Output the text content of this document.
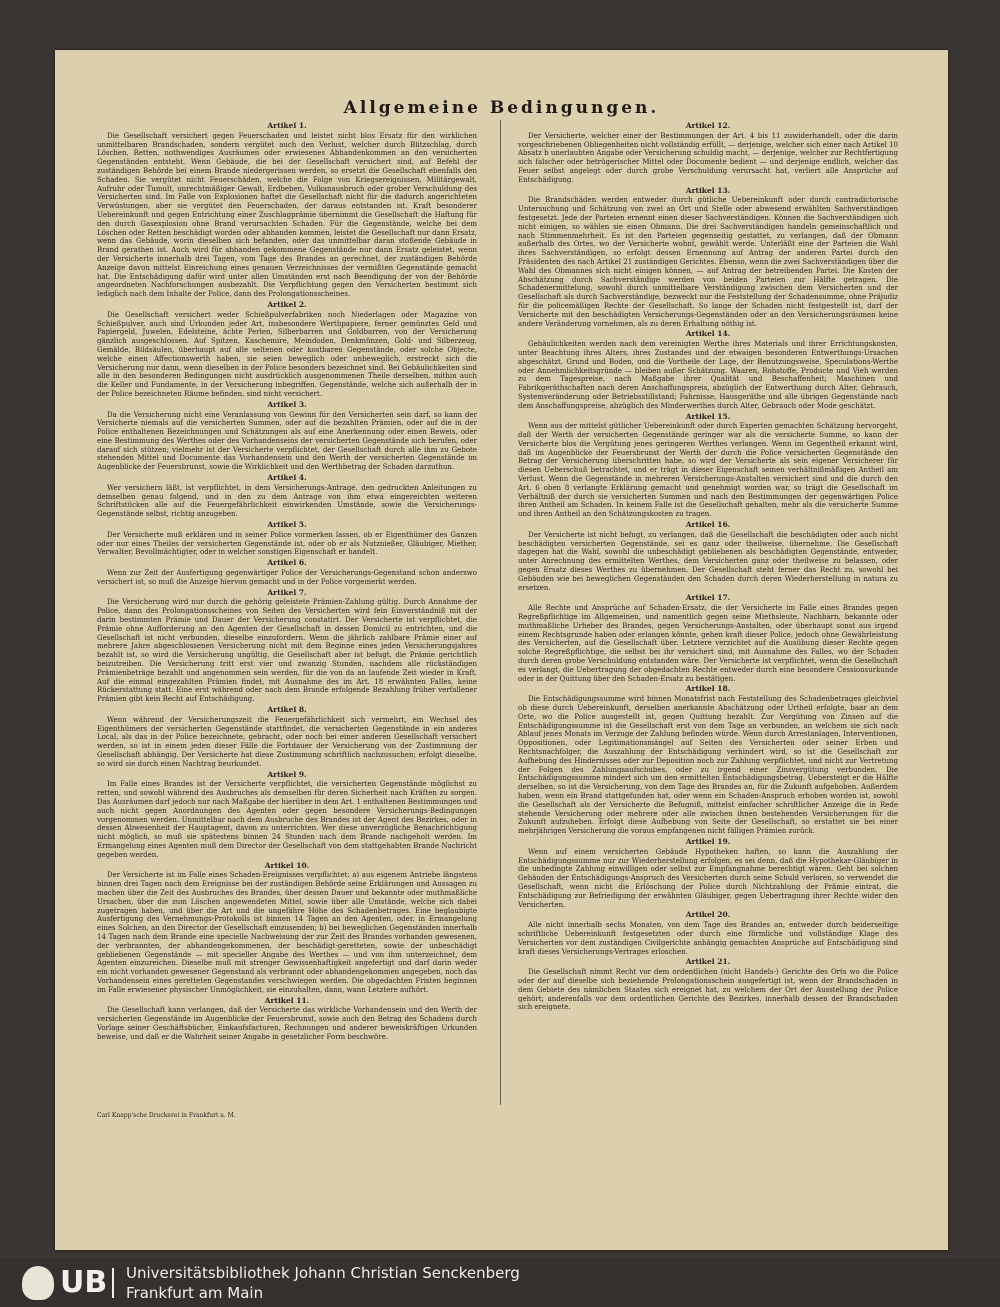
Allgemeine Bedingungen.
Artikel 1.
Die Gesellschaft versichert gegen Feuerschaden und leistet nicht blos Ersatz für den wirklichen unmittelbaren Brandschaden, sondern vergütet auch den Verlust, welcher durch Blitzschlag, durch Löschen, Retten, nothwendiges Ausräumen oder erwiesenes Abhandenkommen an den versicherten Gegenständen entsteht. Wenn Gebäude, die bei der Gesellschaft versichert sind, auf Befehl der zuständigen Behörde bei einem Brande niedergerissen werden, so ersetzt die Gesellschaft ebenfalls den Schaden. Sie vergütet nicht Feuerschäden, welche die Folge von Kriegsereignissen, Militärgewalt, Aufruhr oder Tumult, unrechtmäßiger Gewalt, Erdbeben, Vulkanausbruch oder grober Verschuldung des Versicherten sind. Im Falle von Explosionen haftet die Gesellschaft nicht für die dadurch angerichteten Verwüstungen, aber sie vergütet den Feuerschaden, der daraus entstanden ist. Kraft besonderer Uebereinkunft und gegen Entrichtung einer Zuschlagprämie übernimmt die Gesellschaft die Haftung für den durch Gasexplosion ohne Brand verursachten Schaden. Für die Gegenstände, welche bei dem Löschen oder Retten beschädigt worden oder abhanden kommen, leistet die Gesellschaft nur dann Ersatz, wenn das Gebäude, worin dieselben sich befanden, oder das unmittelbar daran stoßende Gebäude in Brand gerathen ist. Auch wird für abhanden gekommene Gegenstände nur dann Ersatz geleistet, wenn der Versicherte innerhalb drei Tagen, vom Tage des Brandes an gerechnet, der zuständigen Behörde Anzeige davon mittelst Einreichung eines genauen Verzeichnisses der vermißten Gegenstände gemacht hat. Die Entschädigung dafür wird unter allen Umständen erst nach Beendigung der von der Behörde angeordneten Nachforschungen ausbezahlt. Die Verpflichtung gegen den Versicherten bestimmt sich lediglich nach dem Inhalte der Police, dann des Prolongationsscheines.
Artikel 2.
Die Gesellschaft versichert weder Schießpulverfabriken noch Niederlagen oder Magazine von Schießpulver, auch sind Urkunden jeder Art, insbesondere Werthpapiere, ferner gemünztes Geld und Papiergeld, Juwelen, Edelsteine, ächte Perlen, Silberbarren und Goldbarren, von der Versicherung gänzlich ausgeschlossen. Auf Spitzen, Kaschemire, Meindoden, Denkmünzen, Gold- und Silberzeug, Gemälde, Bildsäulen, überhaupt auf alle seltenen oder kostbaren Gegenstände, oder solche Objecte, welche einen Affectionswerth haben, sie seien beweglich oder unbeweglich, erstreckt sich die Versicherung nur dann, wenn dieselben in der Police besonders bezeichnet sind. Bei Gebäulichkeiten sind alle in den besonderen Bedingungen nicht ausdrücklich ausgenommenen Theile derselben, mithin auch die Keller und Fundamente, in der Versicherung inbegriffen. Gegenstände, welche sich außerhalb der in der Police bezeichneten Räume befinden, sind nicht versichert.
Artikel 3.
Da die Versicherung nicht eine Veranlassung von Gewinn für den Versicherten sein darf, so kann der Versicherte niemals auf die versicherten Summen, oder auf die bezahlten Prämien, oder auf die in der Police enthaltenen Bezeichnungen und Schätzungen als auf eine Anerkennung oder einen Beweis, oder eine Bestimmung des Werthes oder des Vorhandenseins der versicherten Gegenstände sich berufen, oder darauf sich stützen; vielmehr ist der Versicherte verpflichtet, der Gesellschaft durch alle ihm zu Gebote stehenden Mittel und Documente das Vorhandensein und den Werth der versicherten Gegenstände im Augenblicke der Feuersbrunst, sowie die Wirklichkeit und den Werthbetrag der Schaden darzuthun.
Artikel 4.
Wer versichern läßt, ist verpflichtet, in dem Versicherungs-Antrage, den gedruckten Anleitungen zu demselben genau folgend, und in den zu dem Antrage von ihm etwa eingereichten weiteren Schriftstücken alle auf die Feuergefährlichkeit einwirkenden Umstände, sowie die Versicherungs-Gegenstände selbst, richtig anzugeben.
Artikel 5.
Der Versicherte muß erklären und in seiner Police vormerken lassen, ob er Eigenthümer des Ganzen oder nur eines Theiles der versicherten Gegenstände ist, oder ob er als Nutznießer, Gläubiger, Miether, Verwalter, Bevollmächtigter, oder in welcher sonstigen Eigenschaft er handelt.
Artikel 6.
Wenn zur Zeit der Ausfertigung gegenwärtiger Police der Versicherungs-Gegenstand schon anderswo versichert ist, so muß die Anzeige hiervon gemacht und in der Police vorgemerkt werden.
Artikel 7.
Die Versicherung wird nur durch die gehörig geleistete Prämien-Zahlung gültig. Durch Annahme der Police, dann des Prolongationsscheines von Seiten des Versicherten wird fein Einverständniß mit der darin bestimmten Prämie und Dauer der Versicherung constatirt. Der Versicherte ist verpflichtet, die Prämie ohne Aufforderung an den Agenten der Gesellschaft in dessen Domicil zu entrichten, und die Gesellschaft ist nicht verbunden, dieselbe einzufordern. Wenn die jährlich zahlbare Prämie einer auf mehrere Jahre abgeschlossenen Versicherung nicht mit dem Beginne eines jeden Versicherungsjahres bezahlt ist, so wird die Versicherung ungültig, die Gesellschaft aber ist befugt, die Prämie gerichtlich beizutreiben. Die Versicherung tritt erst vier und zwanzig Stunden, nachdem alle rückständigen Prämienbeträge bezahlt und angenommen sein werden, für die von da an laufende Zeit wieder in Kraft. Auf die einmal eingezahlten Prämien findet, mit Ausnahme des im Art. 18 erwähnten Falles, keine Rückerstattung statt. Eine erst während oder nach dem Brande erfolgende Bezahlung früher verfallener Prämien gibt kein Recht auf Entschädigung.
Artikel 8.
Wenn während der Versicherungszeit die Feuergefährlichkeit sich vermehrt, ein Wechsel des Eigenthümers der versicherten Gegenstände stattfindet, die versicherten Gegenstände in ein anderes Local, als das in der Police bezeichnete, gebracht, oder noch bei einer anderen Gesellschaft versichert werden, so ist in einem jeden dieser Fälle die Fortdauer der Versicherung von der Zustimmung der Gesellschaft abhängig. Der Versicherte hat diese Zustimmung schriftlich nachzusuchen; erfolgt dieselbe, so wird sie durch einen Nachtrag beurkundet.
Artikel 9.
Im Falle eines Brandes ist der Versicherte verpflichtet, die versicherten Gegenstände möglichst zu retten, und sowohl während des Ausbruches als demselben für deren Sicherheit nach Kräften zu sorgen. Das Ausräumen darf jedoch nur nach Maßgabe der hierüber in dem Art. 1 enthaltenen Bestimmungen und auch nicht gegen Anordnungen des Agenten oder gegen besondere Versicherungs-Bedingungen vorgenommen werden. Unmittelbar nach dem Ausbruche des Brandes ist der Agent des Bezirkes, oder in dessen Abwesenheit der Hauptagent, davon zu unterrichten. Wer diese unverzügliche Benachrichtigung nicht möglich, so muß sie spätestens binnen 24 Stunden nach dem Brande nachgeholt werden. Im Ermangelung eines Agenten muß dem Director der Gesellschaft von dem stattgehabten Brande Nachricht gegeben werden.
Artikel 10.
Der Versicherte ist im Falle eines Schaden-Ereignisses verpflichtet: a) aus eigenem Antriebe längstens binnen drei Tagen nach dem Ereignisse bei der zuständigen Behörde seine Erklärungen und Aussagen zu machen über die Zeit des Ausbruches des Brandes, über dessen Dauer und bekannte oder muthmaßliche Ursachen, über die zum Löschen angewendeten Mittel, sowie über alle Umstände, welche sich dabei zugetragen haben, und über die Art und die ungefähre Höhe des Schadenbetrages. Eine beglaubigte Ausfertigung des Vernehmungs-Protokolls ist binnen 14 Tagen an den Agenten, oder, in Ermangelung eines Solchen, an den Director der Gesellschaft einzusenden; b) bei beweglichen Gegenständen innerhalb 14 Tagen nach dem Brande eine specielle Nachweisung der zur Zeit des Brandes vorhanden gewesenen, der verbrannten, der abhandengekommenen, der beschädigt-geretteten, sowie der unbeschädigt gebliebenen Gegenstände — mit specieller Angabe des Werthes — und von ihm unterzeichnet, dem Agenten einzureichen. Dieselbe muß mit strenger Gewissenhaftigkeit angefertigt und darf darin weder ein nicht vorhanden gewesener Gegenstand als verbrannt oder abhandengekommen angegeben, noch das Vorhandensein eines geretteten Gegenstandes verschwiegen werden. Die obgedachten Fristen beginnen im Falle erwiesener physischer Unmöglichkeit, sie einzuhalten, dann, wann Letztere aufhört.
Artikel 11.
Die Gesellschaft kann verlangen, daß der Versicherte das wirkliche Vorhandensein und den Werth der versicherten Gegenstände im Augenblicke der Feuersbrunst, sowie auch den Betrag des Schadens durch Vorlage seiner Geschäftsbücher, Einkaufsfacturen, Rechnungen und anderer beweiskräftigen Urkunden beweise, und daß er die Wahrheit seiner Angabe in gesetzlicher Form beschwöre.
Artikel 12.
Der Versicherte, welcher einer der Bestimmungen der Art. 4 bis 11 zuwiderhandelt, oder die darin vorgeschriebenen Obliegenheiten nicht vollständig erfüllt, — derjenige, welcher sich einer nach Artikel 10 Absatz b unerlaubten Angabe oder Versicherung schuldig macht, — derjenige, welcher zur Rechtfertigung sich falscher oder betrügerischer Mittel oder Documente bedient — und derjenige endlich, welcher das Feuer selbst angelegt oder durch grobe Verschuldung verursacht hat, verliert alle Ansprüche auf Entschädigung.
Artikel 13.
Die Brandschäden werden entweder durch gütliche Uebereinkunft oder durch contradictorische Untersuchung und Schätzung von zwei an Ort und Stelle oder abwesend erwählten Sachverständigen festgesetzt. Jede der Parteien ernennt einen dieser Sachverständigen. Können die Sachverständigen sich nicht einigen, so wählen sie einen Obmann. Die drei Sachverständigen handeln gemeinschaftlich und nach Stimmenmehrheit. Es ist den Parteien gegenseitig gestattet, zu verlangen, daß der Obmann außerhalb des Ortes, wo der Versicherte wohnt, gewählt werde. Unterläßt eine der Parteien die Wahl ihres Sachverständigen, so erfolgt dessen Ernennung auf Antrag der anderen Partei durch den Präsidenten des nach Artikel 21 zuständigen Gerichtes. Ebenso, wenn die zwei Sachverständigen über die Wahl des Obmannes sich nicht einigen können, — auf Antrag der betreibenden Partei. Die Kosten der Abschätzung durch Sachverständige werden von beiden Parteien zur Hälfte getragen. Die Schadenermittelung, sowohl durch unmittelbare Verständigung zwischen dem Versicherten und der Gesellschaft als durch Sachverständige, bezweckt nur die Feststellung der Schadensumme, ohne Präjudiz für die policemäßigen Rechte der Gesellschaft. So lange der Schaden nicht festgestellt ist, darf der Versicherte mit den beschädigten Versicherungs-Gegenständen oder an den Versicherungsräumen keine andere Veränderung vornehmen, als zu deren Erhaltung nöthig ist.
Artikel 14.
Gebäulichkeiten werden nach dem vereinigten Werthe ihres Materials und ihrer Errichtungskosten, unter Beachtung ihres Alters, ihres Zustandes und der etwaigen besonderen Entwerthungs-Ursachen abgeschätzt. Grund und Boden, und die Vortheile der Lage, der Benutzungsweise, Speculations-Werthe oder Annehmlichkeitsgründe — bleiben außer Schätzung. Waaren, Rohstoffe, Producte und Vieh werden zu dem Tagespreise, nach Maßgabe ihrer Qualität und Beschaffenheit; Maschinen und Fabrikgeräthschaften nach deren Anschaffungspreis, abzüglich der Entwerthung durch Alter, Gebrauch, Systemveränderung oder Betriebsstillstand; Fahrnisse, Hausgeräthe und alle übrigen Gegenstände nach dem Anschaffungspreise, abzüglich des Minderwerthes durch Alter, Gebrauch oder Mode geschätzt.
Artikel 15.
Wenn aus der mittelst gütlicher Uebereinkunft oder durch Experten gemachten Schätzung hervorgeht, daß der Werth der versicherten Gegenstände geringer war als die versicherte Summe, so kann der Versicherte blos die Vergütung jenes geringeren Werthes verlangen. Wenn im Gegentheil erkannt wird, daß im Augenblicke der Feuersbrunst der Werth der durch die Police versicherten Gegenstände den Betrag der Versicherung überschritten habe, so wird der Versicherte als sein eigener Versicherer für diesen Ueberschuß betrachtet, und er trägt in dieser Eigenschaft seinen verhältnißmäßigen Antheil am Verlust. Wenn die Gegenstände in mehreren Versicherungs-Anstalten versichert sind und die durch den Art. 6 oben 8 verlangte Erklärung gemacht und genehmigt worden war, so trägt die Gesellschaft im Verhältniß der durch sie versicherten Summen und nach den Bestimmungen der gegenwärtigen Police ihren Antheil am Schaden. In keinem Falle ist die Gesellschaft gehalten, mehr als die versicherte Summe und ihren Antheil an den Schätzungskosten zu tragen.
Artikel 16.
Der Versicherte ist nicht befugt, zu verlangen, daß die Gesellschaft die beschädigten oder auch nicht beschädigten versicherten Gegenstände, sei es ganz oder theilweise, übernehme. Die Gesellschaft dagegen hat die Wahl, sowohl die unbeschädigt gebliebenen als beschädigten Gegenstände, entweder, unter Anrechnung des ermittelten Werthes, dem Versicherten ganz oder theilweise zu belassen, oder gegen Ersatz dieses Werthes zu übernehmen. Der Gesellschaft steht ferner das Recht zu, sowohl bei Gebäuden wie bei beweglichen Gegenständen den Schaden durch deren Wiederherstellung in natura zu ersetzen.
Artikel 17.
Alle Rechte und Ansprüche auf Schaden-Ersatz, die der Versicherte im Falle eines Brandes gegen Regreßpflichtige im Allgemeinen, und namentlich gegen seine Miethsleute, Nachbarn, bekannte oder muthmaßliche Urheber des Brandes, gegen Versicherungs-Anstalten, oder überhaupt sonst aus irgend einem Rechtsgrunde haben oder erlangen könnte, gehen kraft dieser Police, jedoch ohne Gewährleistung des Versicherten, auf die Gesellschaft über. Letztere verzichtet auf die Ausübung dieser Rechte gegen solche Regreßpflichtige, die selbst bei ihr versichert sind, mit Ausnahme des Falles, wo der Schaden durch deren grobe Verschuldung entstanden wäre. Der Versicherte ist verpflichtet, wenn die Gesellschaft es verlangt, die Uebertragung der obgedachten Rechte entweder durch eine besondere Cessionsurkunde oder in der Quittung über den Schaden-Ersatz zu bestätigen.
Artikel 18.
Die Entschädigungssumme wird binnen Monatsfrist nach Feststellung des Schadenbetrages gleichviel ob diese durch Uebereinkunft, derselben anerkannte Abschätzung oder Urtheil erfolgte, baar an dem Orte, wo die Police ausgestellt ist, gegen Quittung bezahlt. Zur Vergütung von Zinsen auf die Entschädigungssumme ist die Gesellschaft erst von dem Tage an verbunden, an welchem sie sich nach Ablauf jenes Monats im Verzuge der Zahlung befinden würde. Wenn durch Arrestanlagen, Interventionen, Oppositionen, oder Legitimationsmängel auf Seiten des Versicherten oder seiner Erben und Rechtsnachfolger, die Auszahlung der Entschädigung verhindert wird, so ist die Gesellschaft zur Aufhebung des Hindernisses oder zur Deposition noch zur Zahlung verpflichtet, und nicht zur Vertretung der Folgen des Zahlungsaufschubes, oder zu irgend einer Zinsvergütung verbunden. Die Entschädigungssumme mindert sich um den ermittelten Entschädigungsbetrag. Uebersteigt er die Hälfte derselben, so ist die Versicherung, von dem Tage des Brandes an, für die Zukunft aufgehoben. Außerdem haben, wenn ein Brand stattgefunden hat, oder wenn ein Schaden-Anspruch erhoben worden ist, sowohl die Gesellschaft als der Versicherte die Befugniß, mittelst einfacher schriftlicher Anzeige die in Rede stehende Versicherung oder mehrere oder alle zwischen ihnen bestehenden Versicherungen für die Zukunft aufzuheben. Erfolgt diese Aufhebung von Seite der Gesellschaft, so erstattet sie bei einer mehrjährigen Versicherung die voraus empfangenen nicht fälligen Prämien zurück.
Artikel 19.
Wenn auf einem versicherten Gebäude Hypotheken haften, so kann die Auszahlung der Entschädigungssumme nur zur Wiederherstellung erfolgen, es sei denn, daß die Hypothekar-Gläubiger in die unbedingte Zahlung einwilligen oder selbst zur Empfangnahme berechtigt wären. Geht bei solchen Gebäuden der Entschädigungs-Anspruch des Versicherten durch seine Schuld verloren, so verwendet die Gesellschaft, wenn nicht die Erlöschung der Police durch Nichtzahlung der Prämie eintrat, die Entschädigung zur Befriedigung der erwähnten Gläubiger, gegen Uebertragung ihrer Rechte wider den Versicherten.
Artikel 20.
Alle nicht innerhalb sechs Monaten, von dem Tage des Brandes an, entweder durch beiderseitige schriftliche Uebereinkunft festgesetzten oder durch eine förmliche und vollständige Klage des Versicherten vor dem zuständigen Civilgerichte anhängig gemachten Ansprüche auf Entschädigung sind kraft dieses Versicherungs-Vertrages erloschen.
Artikel 21.
Die Gesellschaft nimmt Recht vor dem ordentlichen (nicht Handels-) Gerichte des Orts wo die Police oder der auf dieselbe sich beziehende Prolongationsschein ausgefertigt ist, wenn der Brandschaden in dem Gebiete des nämlichen Staates sich ereignet hat, zu welchem der Ort der Ausstellung der Police gehört; anderenfalls vor dem ordentlichen Gerichte des Bezirkes, innerhalb dessen der Brandschaden sich ereignete.
Carl Knapp'sche Druckerei in Frankfurt a. M.
UB Universitätsbibliothek Johann Christian Senckenberg
Frankfurt am Main
